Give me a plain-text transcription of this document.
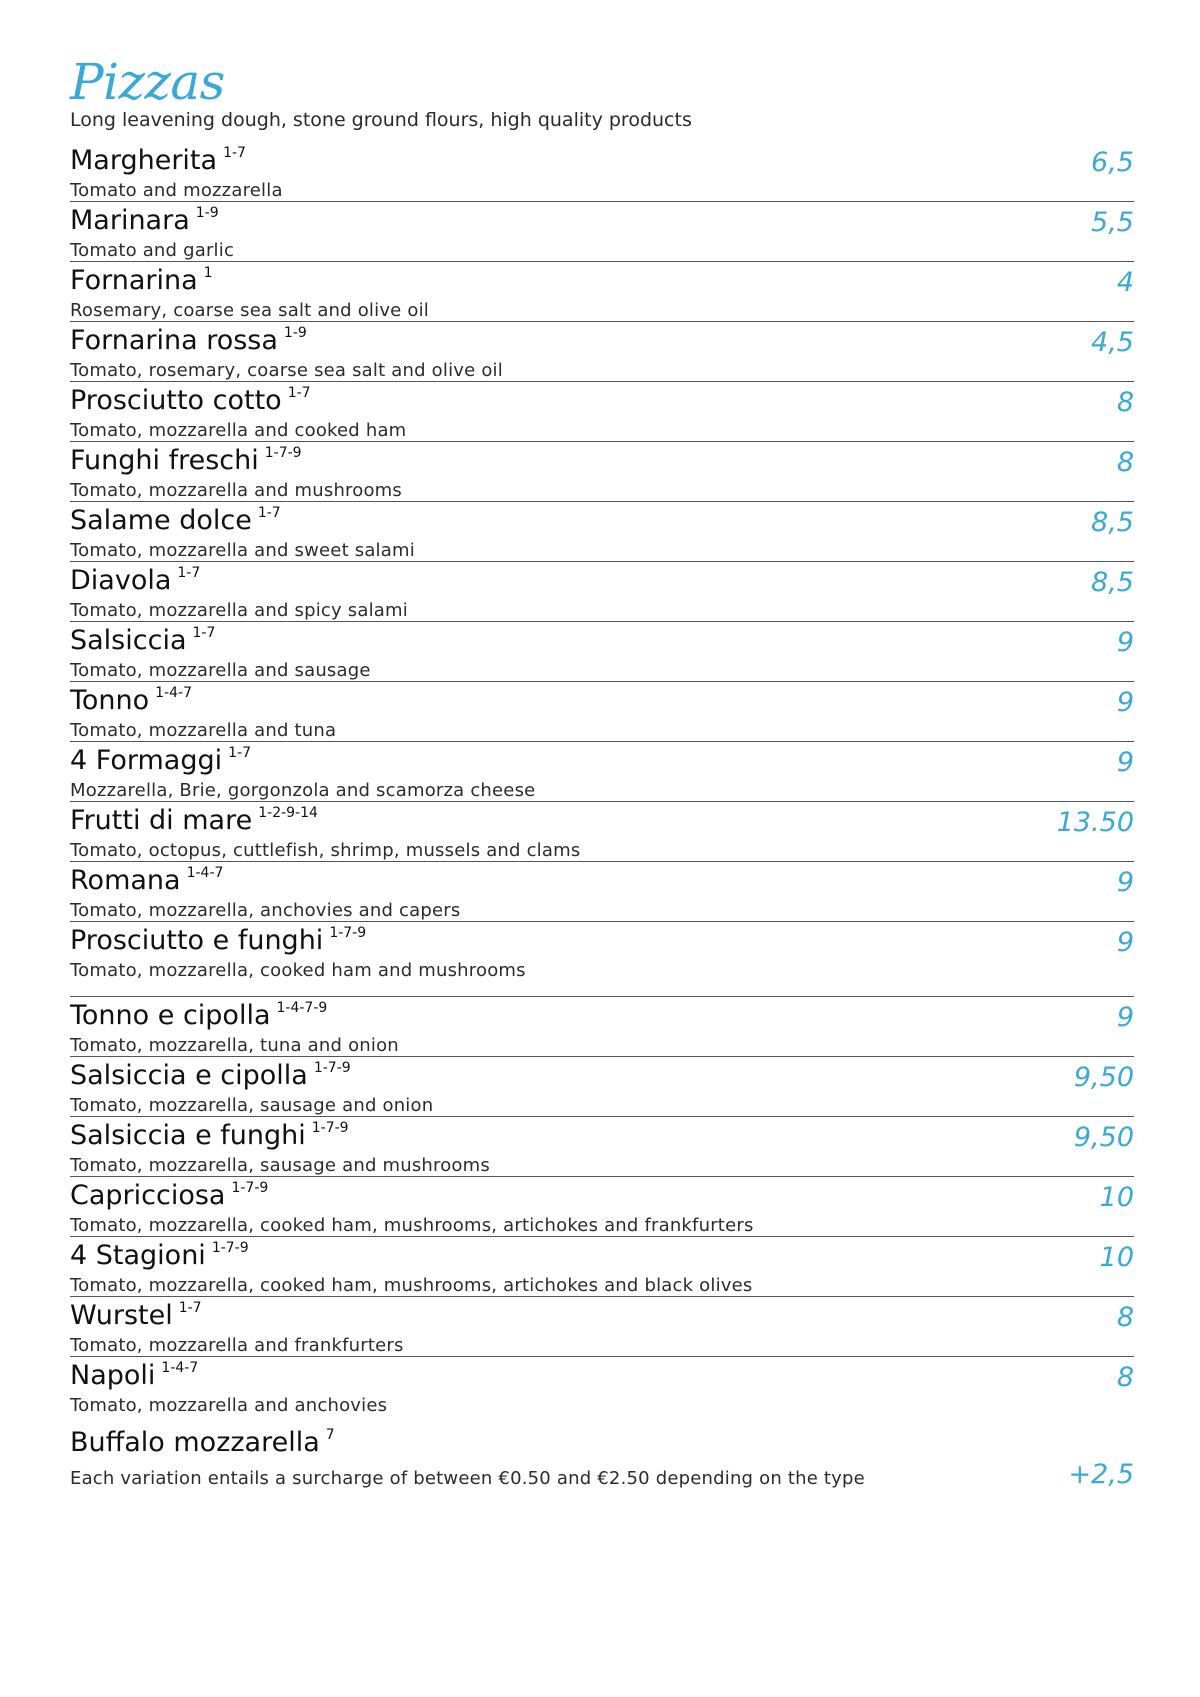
Pizzas
Long leavening dough, stone ground flours, high quality products
Margherita $^{1-7}$
Tomato and mozzarella
6,5
Marinara $^{1-9}$
Tomato and garlic
5,5
Fornarina $^1$
Rosemary, coarse sea salt and olive oil
4
Fornarina rossa $^{1-9}$
Tomato, rosemary, coarse sea salt and olive oil
4,5
Prosciutto cotto $^{1-7}$
Tomato, mozzarella and cooked ham
8
Funghi freschi $^{1-7-9}$
Tomato, mozzarella and mushrooms
8
Salame dolce $^{1-7}$
Tomato, mozzarella and sweet salami
8,5
Diavola $^{1-7}$
Tomato, mozzarella and spicy salami
8,5
Salsiccia $^{1-7}$
Tomato, mozzarella and sausage
9
Tonno $^{1-4-7}$
Tomato, mozzarella and tuna
9
4 Formaggi $^{1-7}$
Mozzarella, Brie, gorgonzola and scamorza cheese
9
Frutti di mare $^{1-2-9-14}$
Tomato, octopus, cuttlefish, shrimp, mussels and clams
13.50
Romana $^{1-4-7}$
Tomato, mozzarella, anchovies and capers
9
Prosciutto e funghi $^{1-7-9}$
Tomato, mozzarella, cooked ham and mushrooms
9
Tonno e cipolla $^{1-4-7-9}$
Tomato, mozzarella, tuna and onion
9
Salsiccia e cipolla $^{1-7-9}$
Tomato, mozzarella, sausage and onion
9,50
Salsiccia e funghi $^{1-7-9}$
Tomato, mozzarella, sausage and mushrooms
9,50
Capricciosa $^{1-7-9}$
Tomato, mozzarella, cooked ham, mushrooms, artichokes and frankfurters
10
4 Stagioni $^{1-7-9}$
Tomato, mozzarella, cooked ham, mushrooms, artichokes and black olives
10
Wurstel $^{1-7}$
Tomato, mozzarella and frankfurters
8
Napoli $^{1-4-7}$
Tomato, mozzarella and anchovies
8
Buffalo mozzarella $^7$
Each variation entails a surcharge of between €0.50 and €2.50 depending on the type	+2,5
